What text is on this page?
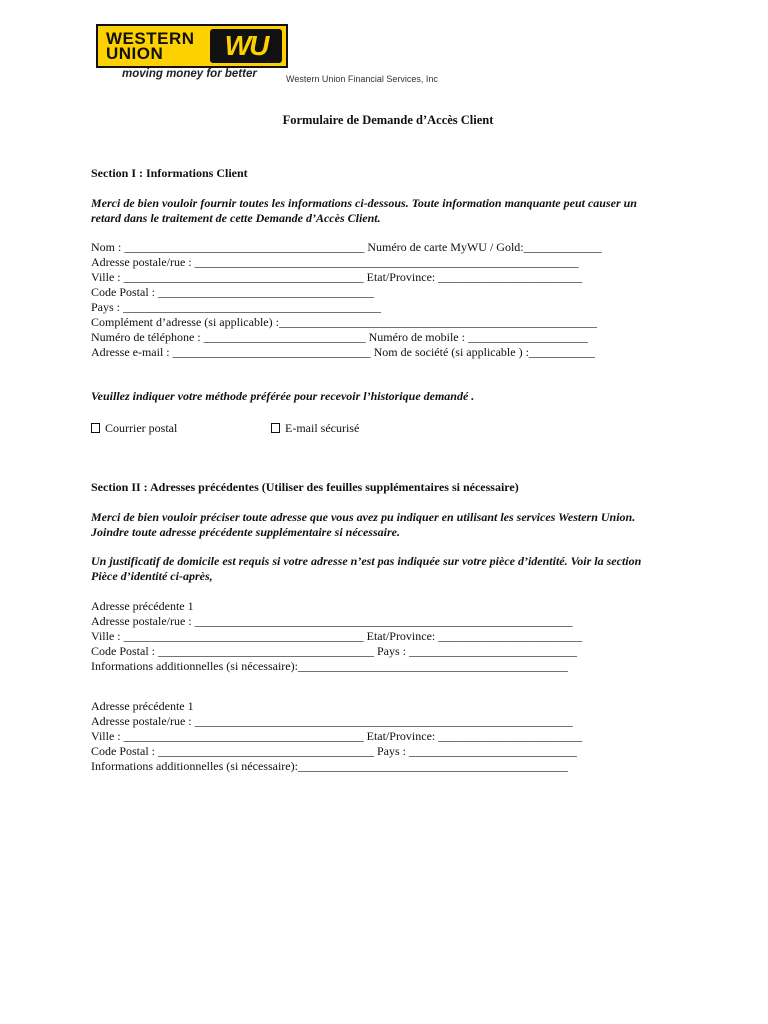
WESTERN
UNION	WU
moving money for better	Western Union Financial Services, Inc
Formulaire de Demande d’Accès Client
Section I : Informations Client
Merci de bien vouloir fournir toutes les informations ci-dessous. Toute information manquante peut causer un
retard dans le traitement de cette Demande d’Accès Client.
Nom : ________________________________________ Numéro de carte MyWU / Gold:_____________
Adresse postale/rue : ________________________________________________________________
Ville : ________________________________________ Etat/Province: ________________________
Code Postal : ____________________________________
Pays : ___________________________________________
Complément d’adresse (si applicable) :_____________________________________________________
Numéro de téléphone : ___________________________ Numéro de mobile : ____________________
Adresse e-mail : _________________________________ Nom de société (si applicable ) :___________
Veuillez indiquer votre méthode préférée pour recevoir l’historique demandé .
Courrier postal	E-mail sécurisé
Section II : Adresses précédentes (Utiliser des feuilles supplémentaires si nécessaire)
Merci de bien vouloir préciser toute adresse que vous avez pu indiquer en utilisant les services Western Union.
Joindre toute adresse précédente supplémentaire si nécessaire.
Un justificatif de domicile est requis si votre adresse n’est pas indiquée sur votre pièce d’identité. Voir la section
Pièce d’identité ci-après,
Adresse précédente 1
Adresse postale/rue : _______________________________________________________________
Ville : ________________________________________ Etat/Province: ________________________
Code Postal : ____________________________________ Pays : ____________________________
Informations additionnelles (si nécessaire):_____________________________________________
Adresse précédente 1
Adresse postale/rue : _______________________________________________________________
Ville : ________________________________________ Etat/Province: ________________________
Code Postal : ____________________________________ Pays : ____________________________
Informations additionnelles (si nécessaire):_____________________________________________
